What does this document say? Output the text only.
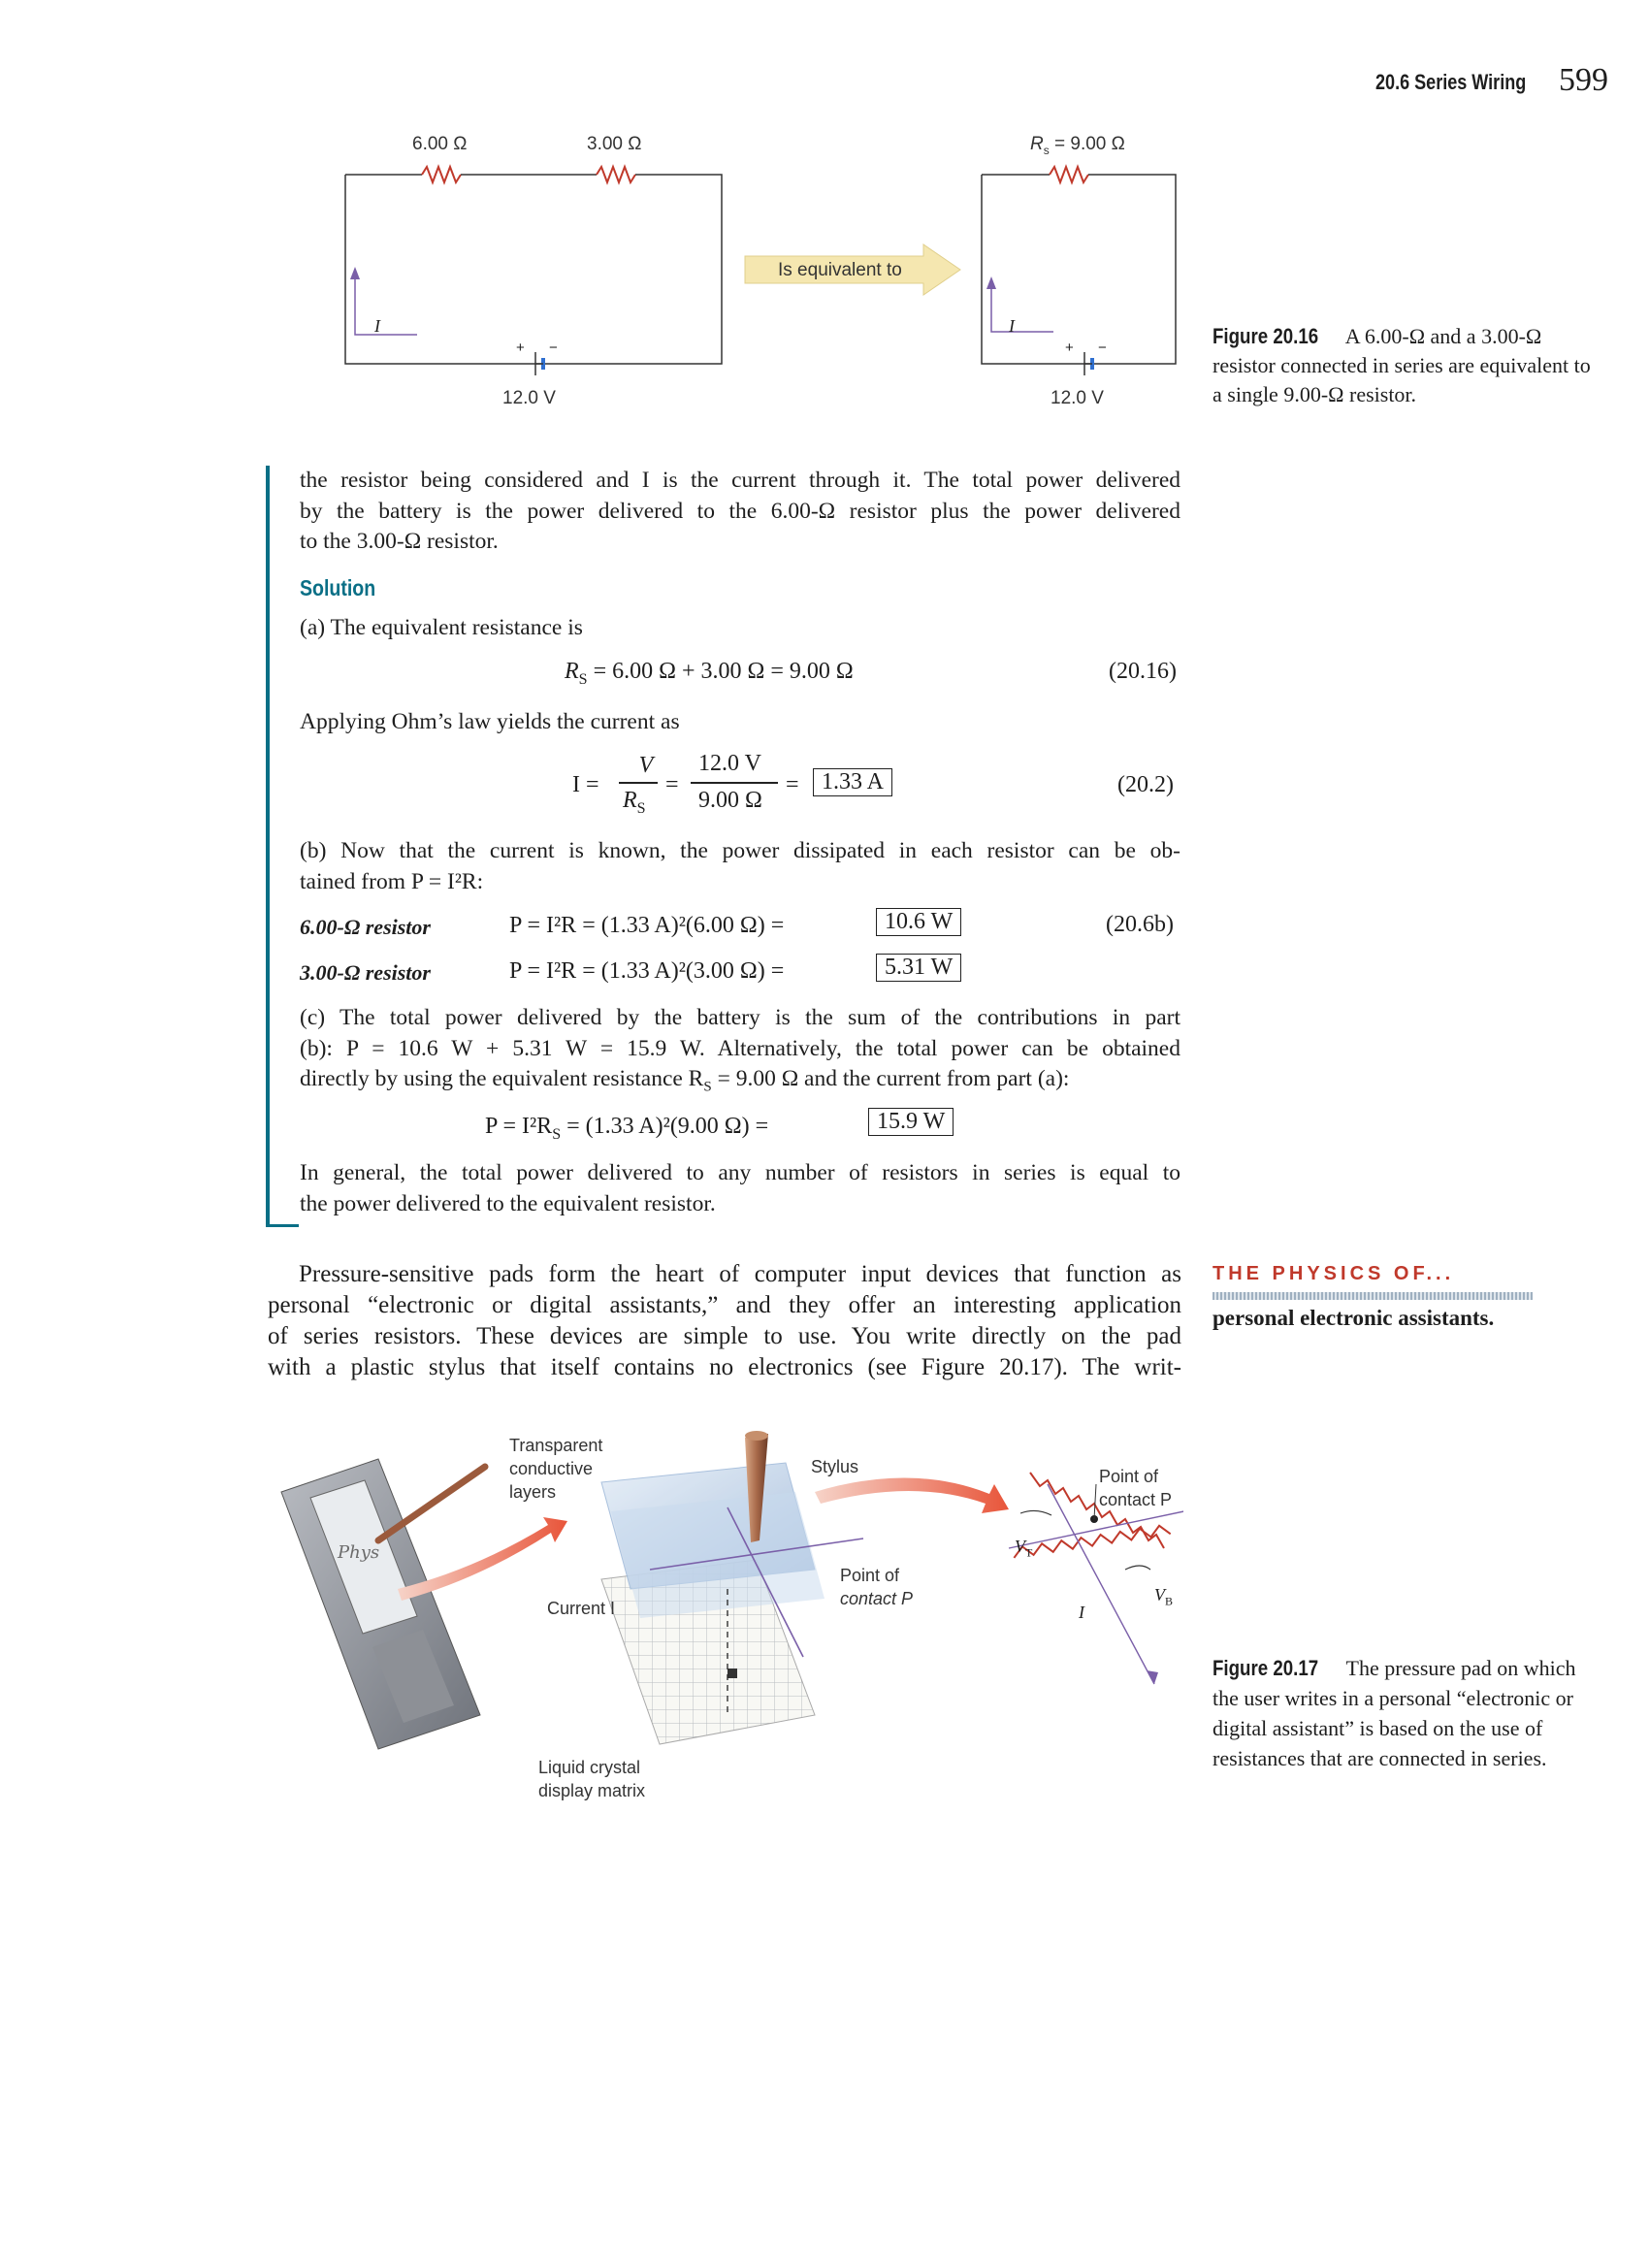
20.6 Series Wiring 599
6.00 Ω	3.00 Ω	$R_s = 9.00$ Ω
Is equivalent to
I	I
+ −	+ −
12.0 V	12.0 V
Figure 20.16 A 6.00-Ω and a 3.00-Ω resistor connected in series are equivalent to a single 9.00-Ω resistor.
the resistor being considered and I is the current through it. The total power delivered
by the battery is the power delivered to the 6.00-Ω resistor plus the power delivered
to the 3.00-Ω resistor.
Solution
(a) The equivalent resistance is
$R_S = 6.00$ Ω + 3.00 Ω = 9.00 Ω	(20.16)
Applying Ohm’s law yields the current as
I =
V
$R_S$
=
12.0 V
9.00 Ω
= 1.33 A	(20.2)
(b) Now that the current is known, the power dissipated in each resistor can be ob-
tained from P = I²R:
6.00-Ω resistor	P = I²R = (1.33 A)²(6.00 Ω) =	10.6 W	(20.6b)
3.00-Ω resistor	P = I²R = (1.33 A)²(3.00 Ω) =	5.31 W
(c) The total power delivered by the battery is the sum of the contributions in part
(b): P = 10.6 W + 5.31 W = 15.9 W. Alternatively, the total power can be obtained
directly by using the equivalent resistance $R_S = 9.00$ Ω and the current from part (a):
$P = I^2R_S = (1.33$ A)²(9.00 Ω) =	15.9 W
In general, the total power delivered to any number of resistors in series is equal to
the power delivered to the equivalent resistor.
Pressure-sensitive pads form the heart of computer input devices that function as
personal “electronic or digital assistants,” and they offer an interesting application
of series resistors. These devices are simple to use. You write directly on the pad
with a plastic stylus that itself contains no electronics (see Figure 20.17). The writ-
THE PHYSICS OF...
personal electronic assistants.
Phys
Transparent
conductive
layers
Stylus
Point of
contact P
Current I
Liquid crystal
display matrix
Point of
contact P
$V_T$
$V_B$
I
Figure 20.17 The pressure pad on which the user writes in a personal “electronic or digital assistant” is based on the use of resistances that are connected in series.
